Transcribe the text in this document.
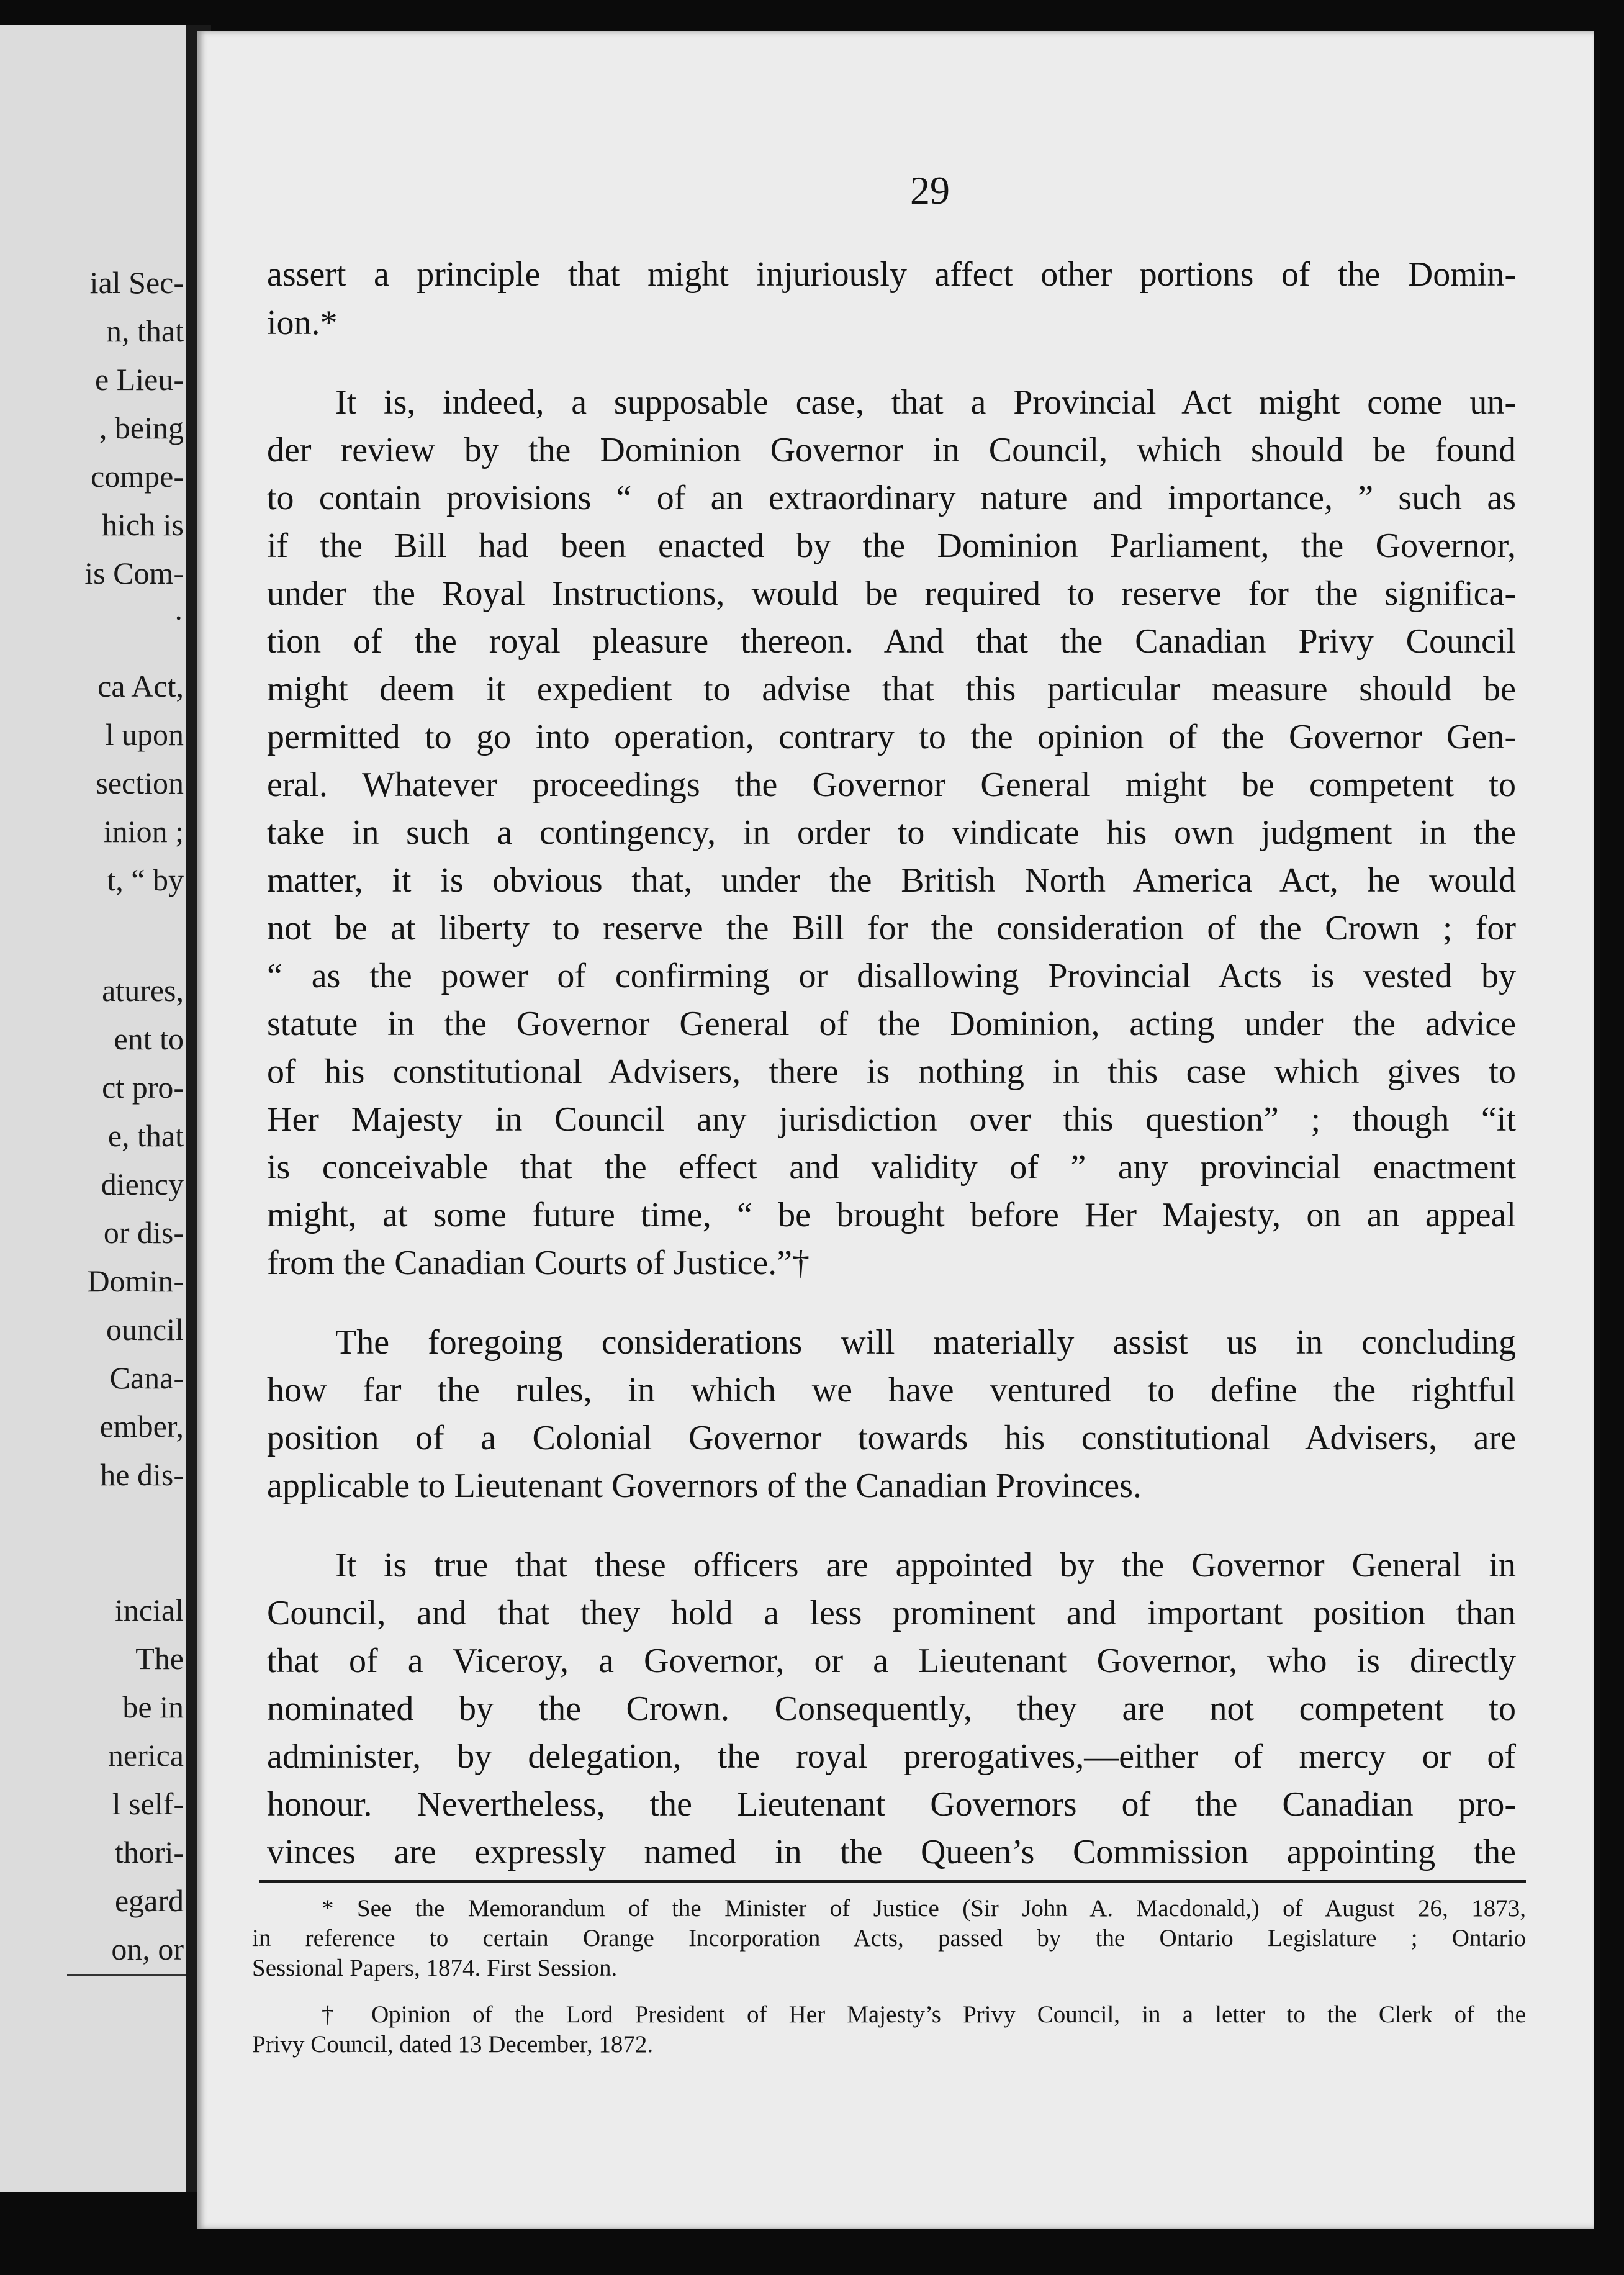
ial Sec-
n, that
e Lieu-
, being
compe-
hich is
is Com-
·
ca Act,
l upon
section
inion ;
t, “ by
atures,
ent to
ct pro-
e, that
diency
or dis-
Domin-
ouncil
Cana-
ember,
he dis-
incial
The
be in
nerica
l self-
thori-
egard
on, or
29
assert a principle that might injuriously affect other portions of the Domin-
ion.*
It is, indeed, a supposable case, that a Provincial Act might come un-
der review by the Dominion Governor in Council, which should be found
to contain provisions “ of an extraordinary nature and importance, ” such as
if the Bill had been enacted by the Dominion Parliament, the Governor,
under the Royal Instructions, would be required to reserve for the significa-
tion of the royal pleasure thereon. And that the Canadian Privy Council
might deem it expedient to advise that this particular measure should be
permitted to go into operation, contrary to the opinion of the Governor Gen-
eral. Whatever proceedings the Governor General might be competent to
take in such a contingency, in order to vindicate his own judgment in the
matter, it is obvious that, under the British North America Act, he would
not be at liberty to reserve the Bill for the consideration of the Crown ; for
“ as the power of confirming or disallowing Provincial Acts is vested by
statute in the Governor General of the Dominion, acting under the advice
of his constitutional Advisers, there is nothing in this case which gives to
Her Majesty in Council any jurisdiction over this question” ; though “it
is conceivable that the effect and validity of ” any provincial enactment
might, at some future time, “ be brought before Her Majesty, on an appeal
from the Canadian Courts of Justice.”†
The foregoing considerations will materially assist us in concluding
how far the rules, in which we have ventured to define the rightful
position of a Colonial Governor towards his constitutional Advisers, are
applicable to Lieutenant Governors of the Canadian Provinces.
It is true that these officers are appointed by the Governor General in
Council, and that they hold a less prominent and important position than
that of a Viceroy, a Governor, or a Lieutenant Governor, who is directly
nominated by the Crown. Consequently, they are not competent to
administer, by delegation, the royal prerogatives,—either of mercy or of
honour. Nevertheless, the Lieutenant Governors of the Canadian pro-
vinces are expressly named in the Queen’s Commission appointing the
* See the Memorandum of the Minister of Justice (Sir John A. Macdonald,) of August 26, 1873,
in reference to certain Orange Incorporation Acts, passed by the Ontario Legislature ; Ontario
Sessional Papers, 1874. First Session.
† Opinion of the Lord President of Her Majesty’s Privy Council, in a letter to the Clerk of the
Privy Council, dated 13 December, 1872.
